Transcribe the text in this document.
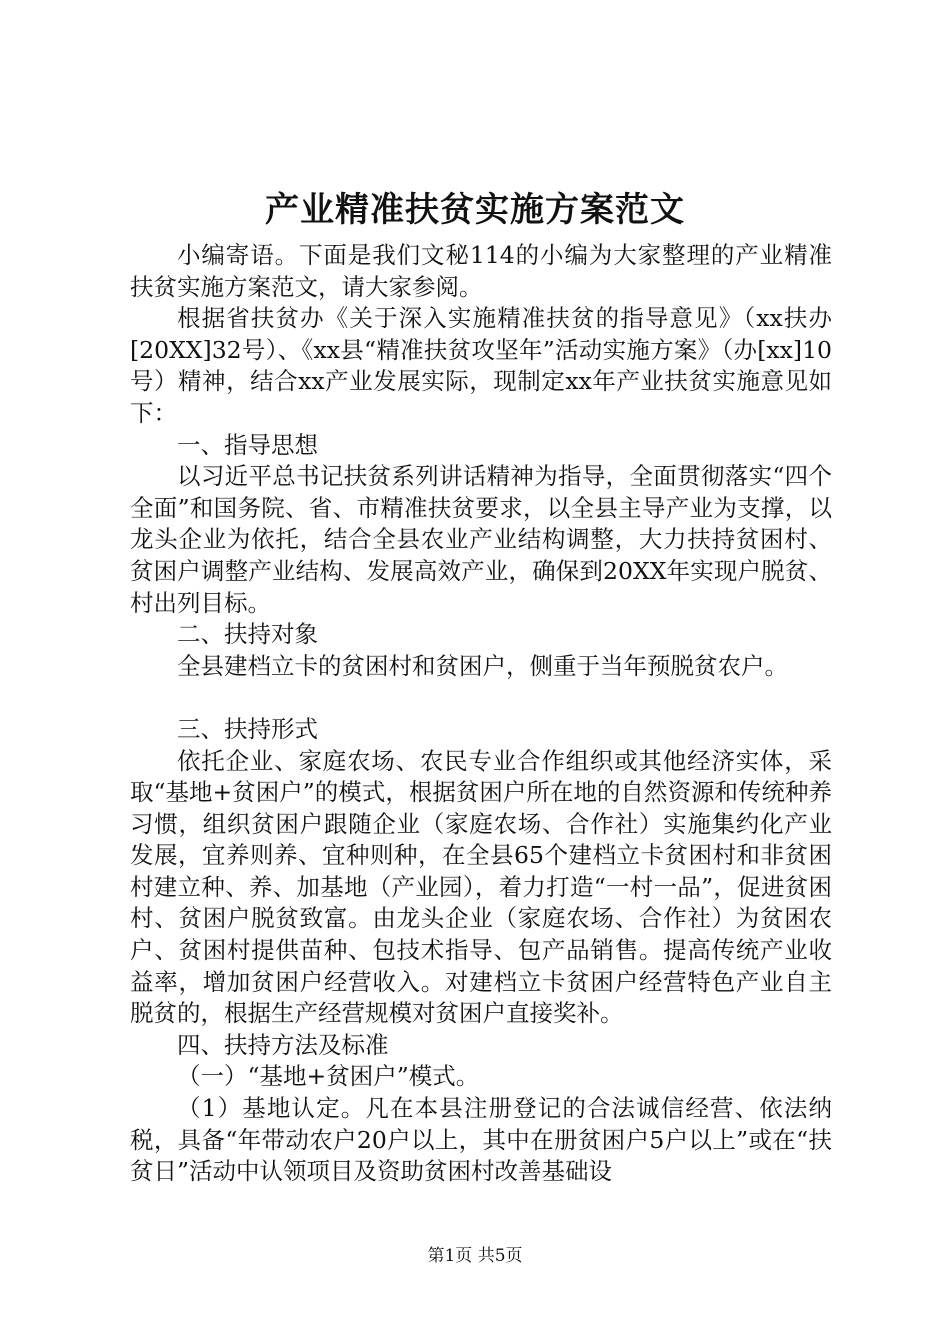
产业精准扶贫实施方案范文

小编寄语。下面是我们文秘114的小编为大家整理的产业精准扶贫实施方案范文，请大家参阅。

根据省扶贫办《关于深入实施精准扶贫的指导意见》（xx扶办[20XX]32号）、《xx县“精准扶贫攻坚年”活动实施方案》（办[xx]10号）精神，结合xx产业发展实际，现制定xx年产业扶贫实施意见如下：

一、指导思想

以习近平总书记扶贫系列讲话精神为指导，全面贯彻落实“四个全面”和国务院、省、市精准扶贫要求，以全县主导产业为支撑，以龙头企业为依托，结合全县农业产业结构调整，大力扶持贫困村、贫困户调整产业结构、发展高效产业，确保到20XX年实现户脱贫、村出列目标。

二、扶持对象

全县建档立卡的贫困村和贫困户，侧重于当年预脱贫农户。

三、扶持形式

依托企业、家庭农场、农民专业合作组织或其他经济实体，采取“基地+贫困户”的模式，根据贫困户所在地的自然资源和传统种养习惯，组织贫困户跟随企业（家庭农场、合作社）实施集约化产业发展，宜养则养、宜种则种，在全县65个建档立卡贫困村和非贫困村建立种、养、加基地（产业园），着力打造“一村一品”，促进贫困村、贫困户脱贫致富。由龙头企业（家庭农场、合作社）为贫困农户、贫困村提供苗种、包技术指导、包产品销售。提高传统产业收益率，增加贫困户经营收入。对建档立卡贫困户经营特色产业自主脱贫的，根据生产经营规模对贫困户直接奖补。

四、扶持方法及标准

（一）“基地+贫困户”模式。

（1）基地认定。凡在本县注册登记的合法诚信经营、依法纳税，具备“年带动农户20户以上，其中在册贫困户5户以上”或在“扶贫日”活动中认领项目及资助贫困村改善基础设

第1页 共5页
